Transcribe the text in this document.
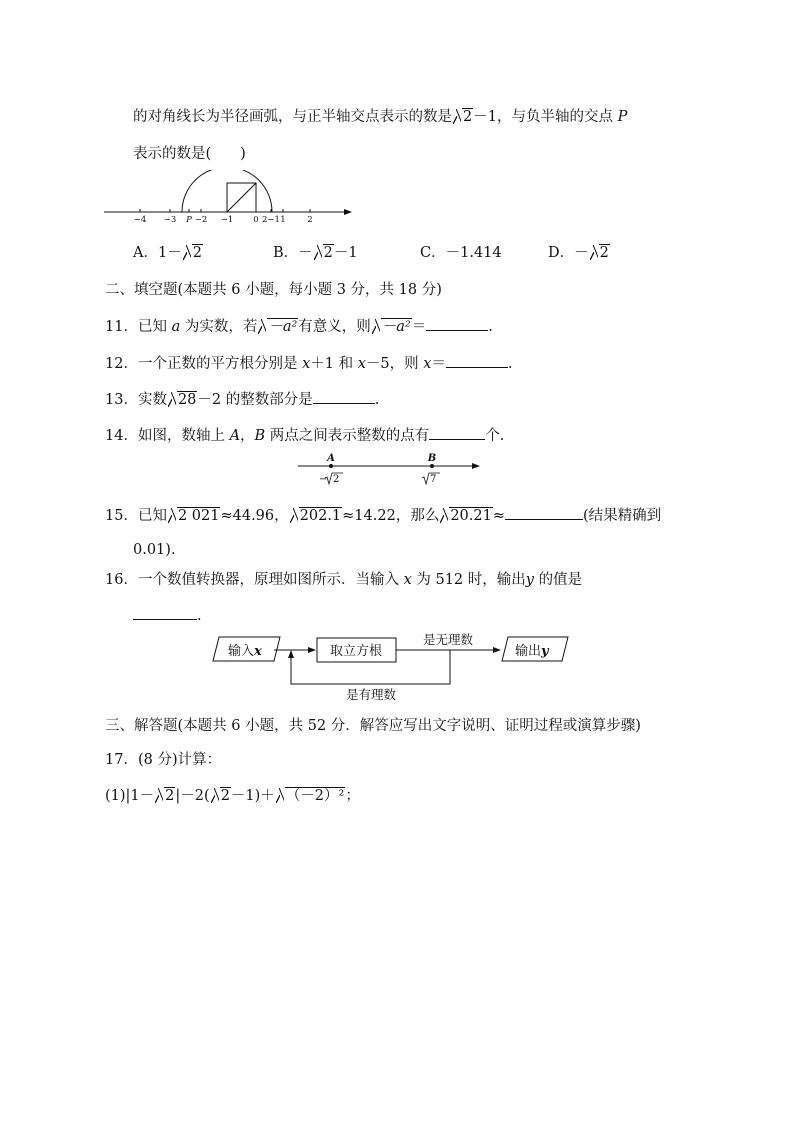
的对角线长为半径画弧，与正半轴交点表示的数是 2－1，与负半轴的交点 P
表示的数是(　　)
−4 −3 P −2 −1 0 2−1 1	2
A．1－ 2	B．－ 2－1	C．－1.414	D．－ 2
二、填空题(本题共 6 小题，每小题 3 分，共 18 分)
11．已知 a 为实数，若 －a²有意义，则 －a²＝	.
12．一个正数的平方根分别是 x＋1 和 x－5，则 x＝	.
13．实数 28－2 的整数部分是	.
14．如图，数轴上 A，B 两点之间表示整数的点有	个.
A	B
− 2	7
15．已知 2 021≈44.96， 202.1≈14.22，那么 20.21≈	(结果精确到
0.01).
16．一个数值转换器，原理如图所示．当输入 x 为 512 时，输出y 的值是
.
输入x	取立方根
是无理数
输出y
是有理数
三、解答题(本题共 6 小题，共 52 分．解答应写出文字说明、证明过程或演算步骤)
17．(8 分)计算：
(1)|1－ 2|－2( 2－1)＋ （－2）²；
